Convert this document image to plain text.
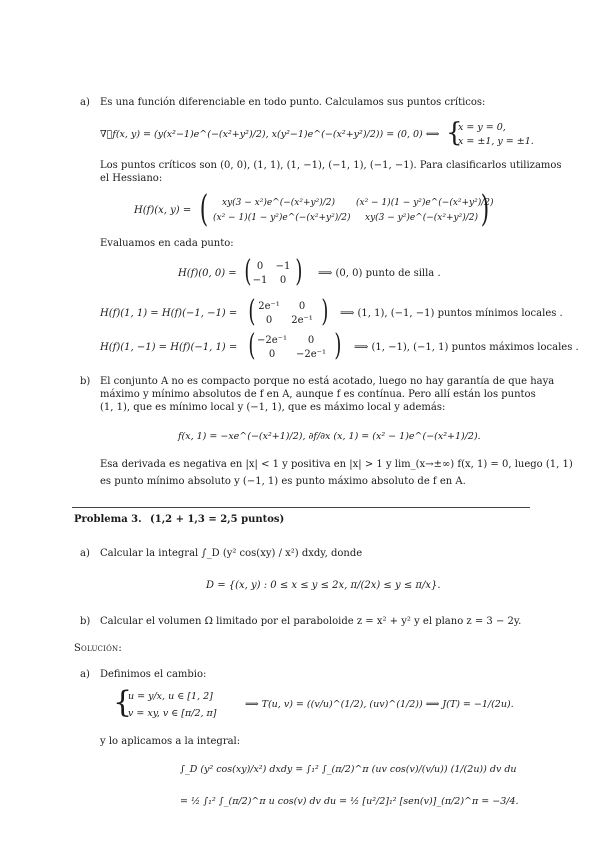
a) Es una función diferenciable en todo punto. Calculamos sus puntos críticos:
∇⃗f(x, y) = (y(x²−1)e^(−(x²+y²)/2), x(y²−1)e^(−(x²+y²)/2)) = (0, 0) ⟺ {
x = y = 0,
x = ±1, y = ±1.
Los puntos críticos son (0, 0), (1, 1), (1, −1), (−1, 1), (−1, −1). Para clasificarlos utilizamos
el Hessiano:
H(f)(x, y) = ( xy(3 − x²)e^(−(x²+y²)/2) (x² − 1)(1 − y²)e^(−(x²+y²)/2)
(x² − 1)(1 − y²)e^(−(x²+y²)/2) xy(3 − y²)e^(−(x²+y²)/2) )
Evaluamos en cada punto:
H(f)(0, 0) = ( 0	−1
−1	0 ) ⟹ (0, 0) punto de silla .
H(f)(1, 1) = H(f)(−1, −1) = ( 2e⁻¹	0
0	2e⁻¹ ) ⟹ (1, 1), (−1, −1) puntos mínimos locales .
H(f)(1, −1) = H(f)(−1, 1) = ( −2e⁻¹	0
0	−2e⁻¹ ) ⟹ (1, −1), (−1, 1) puntos máximos locales .
b) El conjunto A no es compacto porque no está acotado, luego no hay garantía de que haya
máximo y mínimo absolutos de f en A, aunque f es contínua. Pero allí están los puntos
(1, 1), que es mínimo local y (−1, 1), que es máximo local y además:
f(x, 1) = −xe^(−(x²+1)/2), ∂f/∂x (x, 1) = (x² − 1)e^(−(x²+1)/2).
Esa derivada es negativa en |x| < 1 y positiva en |x| > 1 y lim_(x→±∞) f(x, 1) = 0, luego (1, 1)
es punto mínimo absoluto y (−1, 1) es punto máximo absoluto de f en A.
Problema 3. (1,2 + 1,3 = 2,5 puntos)
a) Calcular la integral ∫_D (y² cos(xy) / x²) dxdy, donde
D = {(x, y) : 0 ≤ x ≤ y ≤ 2x, π/(2x) ≤ y ≤ π/x}.
b) Calcular el volumen Ω limitado por el paraboloide z = x² + y² y el plano z = 3 − 2y.
Solución:
a) Definimos el cambio:
{
u = y/x, u ∈ [1, 2]
v = xy, v ∈ [π/2, π]
⟹ T(u, v) = ((v/u)^(1/2), (uv)^(1/2)) ⟹ J(T) = −1/(2u).
y lo aplicamos a la integral:
∫_D (y² cos(xy)/x²) dxdy = ∫₁² ∫_(π/2)^π (uv cos(v)/(v/u)) (1/(2u)) dv du
= ½ ∫₁² ∫_(π/2)^π u cos(v) dv du = ½ [u²/2]₁² [sen(v)]_(π/2)^π = −3/4.
